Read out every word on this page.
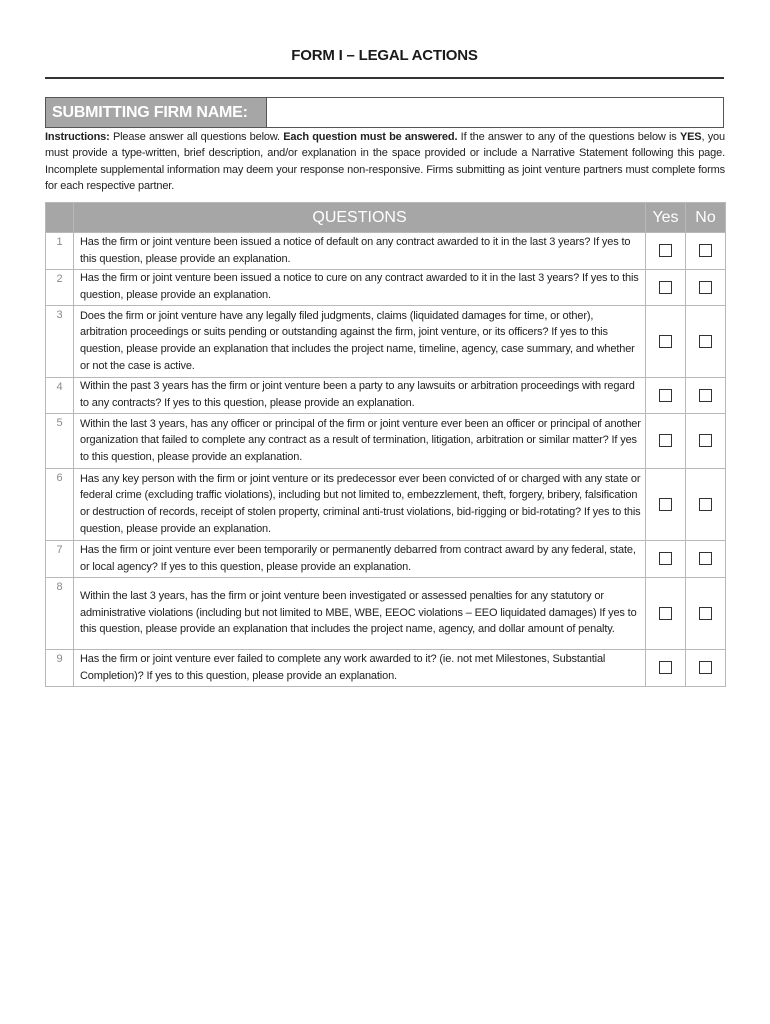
FORM I – LEGAL ACTIONS
SUBMITTING FIRM NAME:
Instructions: Please answer all questions below. Each question must be answered. If the answer to any of the questions below is YES, you must provide a type-written, brief description, and/or explanation in the space provided or include a Narrative Statement following this page. Incomplete supplemental information may deem your response non-responsive. Firms submitting as joint venture partners must complete forms for each respective partner.
	QUESTIONS	Yes	No
1	Has the firm or joint venture been issued a notice of default on any contract awarded to it in the last 3 years? If yes to this question, please provide an explanation.		
2	Has the firm or joint venture been issued a notice to cure on any contract awarded to it in the last 3 years? If yes to this question, please provide an explanation.		
3	Does the firm or joint venture have any legally filed judgments, claims (liquidated damages for time, or other), arbitration proceedings or suits pending or outstanding against the firm, joint venture, or its officers? If yes to this question, please provide an explanation that includes the project name, timeline, agency, case summary, and whether or not the case is active.		
4	Within the past 3 years has the firm or joint venture been a party to any lawsuits or arbitration proceedings with regard to any contracts? If yes to this question, please provide an explanation.		
5	Within the last 3 years, has any officer or principal of the firm or joint venture ever been an officer or principal of another organization that failed to complete any contract as a result of termination, litigation, arbitration or similar matter? If yes to this question, please provide an explanation.		
6	Has any key person with the firm or joint venture or its predecessor ever been convicted of or charged with any state or federal crime (excluding traffic violations), including but not limited to, embezzlement, theft, forgery, bribery, falsification or destruction of records, receipt of stolen property, criminal anti-trust violations, bid-rigging or bid-rotating? If yes to this question, please provide an explanation.		
7	Has the firm or joint venture ever been temporarily or permanently debarred from contract award by any federal, state, or local agency? If yes to this question, please provide an explanation.		
8	Within the last 3 years, has the firm or joint venture been investigated or assessed penalties for any statutory or administrative violations (including but not limited to MBE, WBE, EEOC violations – EEO liquidated damages) If yes to this question, please provide an explanation that includes the project name, agency, and dollar amount of penalty.		
9	Has the firm or joint venture ever failed to complete any work awarded to it? (ie. not met Milestones, Substantial Completion)? If yes to this question, please provide an explanation.		
